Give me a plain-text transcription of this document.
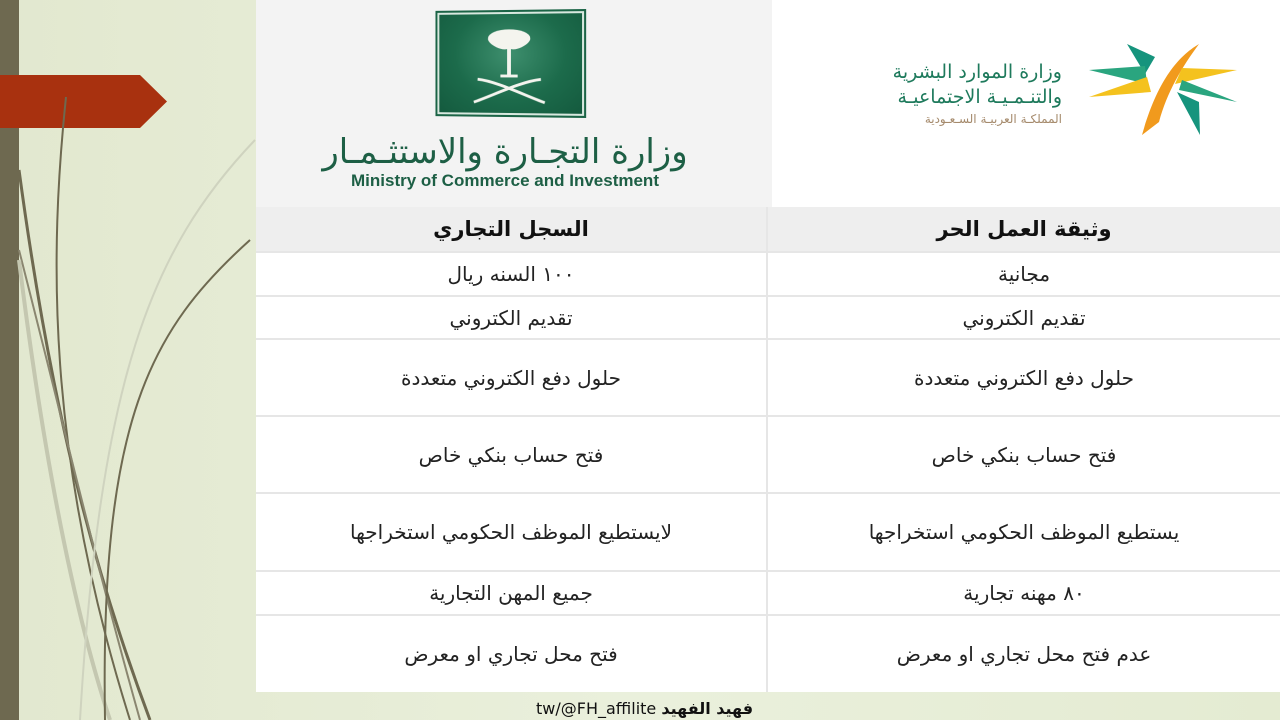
وزارة التجـارة والاستثـمـار
Ministry of Commerce and Investment
وزارة الموارد البشرية
والتنـمـيـة الاجتماعيـة
المملكـة العربيـة السـعـودية
وثيقة العمل الحر
السجل التجاري
مجانية
١٠٠ السنه ريال
تقديم الكتروني
تقديم الكتروني
حلول دفع الكتروني متعددة
حلول دفع الكتروني متعددة
فتح حساب بنكي خاص
فتح حساب بنكي خاص
يستطيع الموظف الحكومي استخراجها
لايستطيع الموظف الحكومي استخراجها
٨٠ مهنه تجارية
جميع المهن التجارية
عدم فتح محل تجاري او معرض
فتح محل تجاري او معرض
فهيد الفهيد tw/@FH_affilite
